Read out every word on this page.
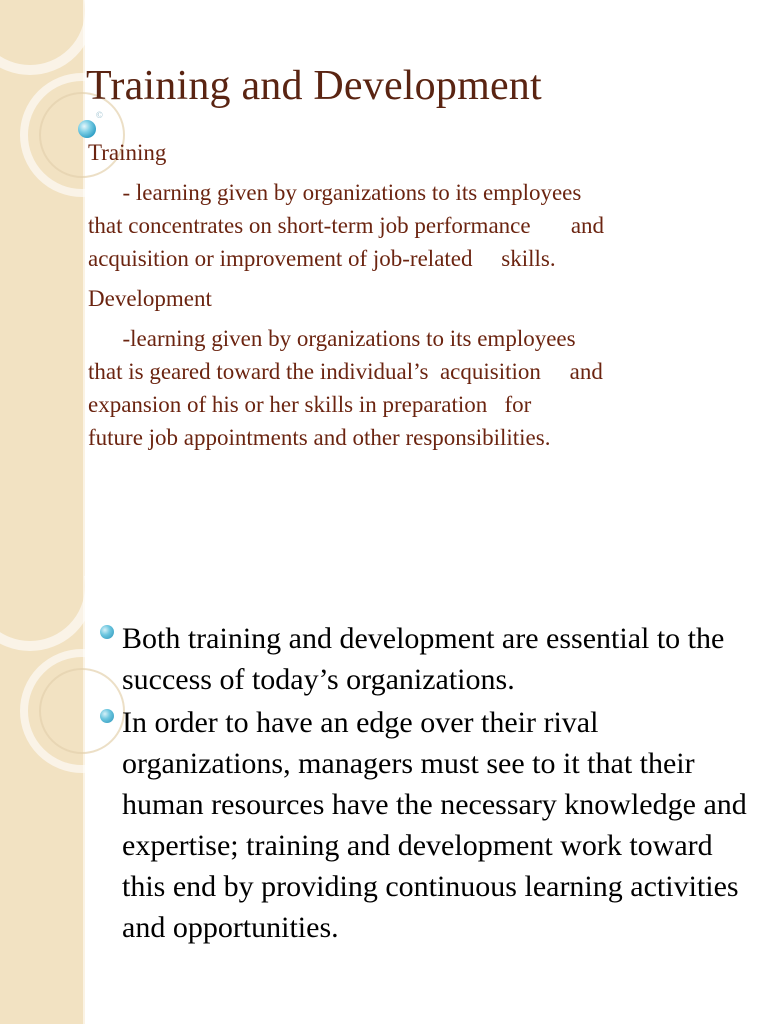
Training and Development
©
Training
- learning given by organizations to its employees
that concentrates on short-term job performance       and
acquisition or improvement of job-related     skills.
Development
-learning given by organizations to its employees
that is geared toward the individual’s  acquisition     and
expansion of his or her skills in preparation   for
future job appointments and other responsibilities.
Both training and development are essential to the success of today’s organizations.
In order to have an edge over their rival organizations, managers must see to it that their human resources have the necessary knowledge and expertise; training and development work toward this end by providing continuous learning activities and opportunities.
